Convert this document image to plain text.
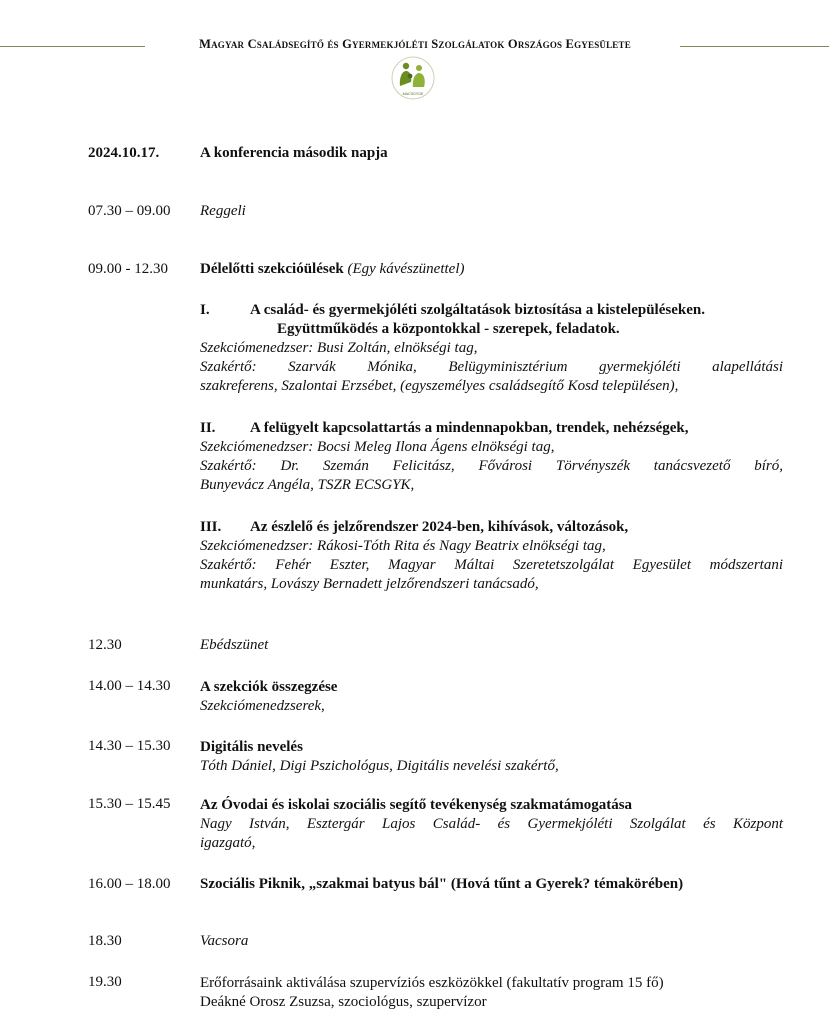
Magyar Családsegítő és Gyermekjóléti Szolgálatok Országos Egyesülete
MACSGYOE
2024.10.17.	A konferencia második napja
07.30 – 09.00 Reggeli
09.00 - 12.30 Délelőtti szekcióülések (Egy kávészünettel)
I.	A család- és gyermekjóléti szolgáltatások biztosítása a kistelepüléseken.
Együttműködés a központokkal - szerepek, feladatok.
Szekciómenedzser: Busi Zoltán, elnökségi tag,
Szakértő: Szarvák Mónika, Belügyminisztérium gyermekjóléti alapellátási
szakreferens, Szalontai Erzsébet, (egyszemélyes családsegítő Kosd településen),
II. A felügyelt kapcsolattartás a mindennapokban, trendek, nehézségek,
Szekciómenedzser: Bocsi Meleg Ilona Ágens elnökségi tag,
Szakértő: Dr. Szemán Felicitász, Fővárosi Törvényszék tanácsvezető bíró,
Bunyevácz Angéla, TSZR ECSGYK,
III. Az észlelő és jelzőrendszer 2024-ben, kihívások, változások,
Szekciómenedzser: Rákosi-Tóth Rita és Nagy Beatrix elnökségi tag,
Szakértő: Fehér Eszter, Magyar Máltai Szeretetszolgálat Egyesület módszertani
munkatárs, Lovászy Bernadett jelzőrendszeri tanácsadó,
12.30	Ebédszünet
14.00 – 14.30 A szekciók összegzése
Szekciómenedzserek,
14.30 – 15.30 Digitális nevelés
Tóth Dániel, Digi Pszichológus, Digitális nevelési szakértő,
15.30 – 15.45 Az Óvodai és iskolai szociális segítő tevékenység szakmatámogatása
Nagy István, Esztergár Lajos Család- és Gyermekjóléti Szolgálat és Központ
igazgató,
16.00 – 18.00 Szociális Piknik, „szakmai batyus bál" (Hová tűnt a Gyerek? témakörében)
18.30	Vacsora
19.30	Erőforrásaink aktiválása szupervíziós eszközökkel (fakultatív program 15 fő)
Deákné Orosz Zsuzsa, szociológus, szupervízor
